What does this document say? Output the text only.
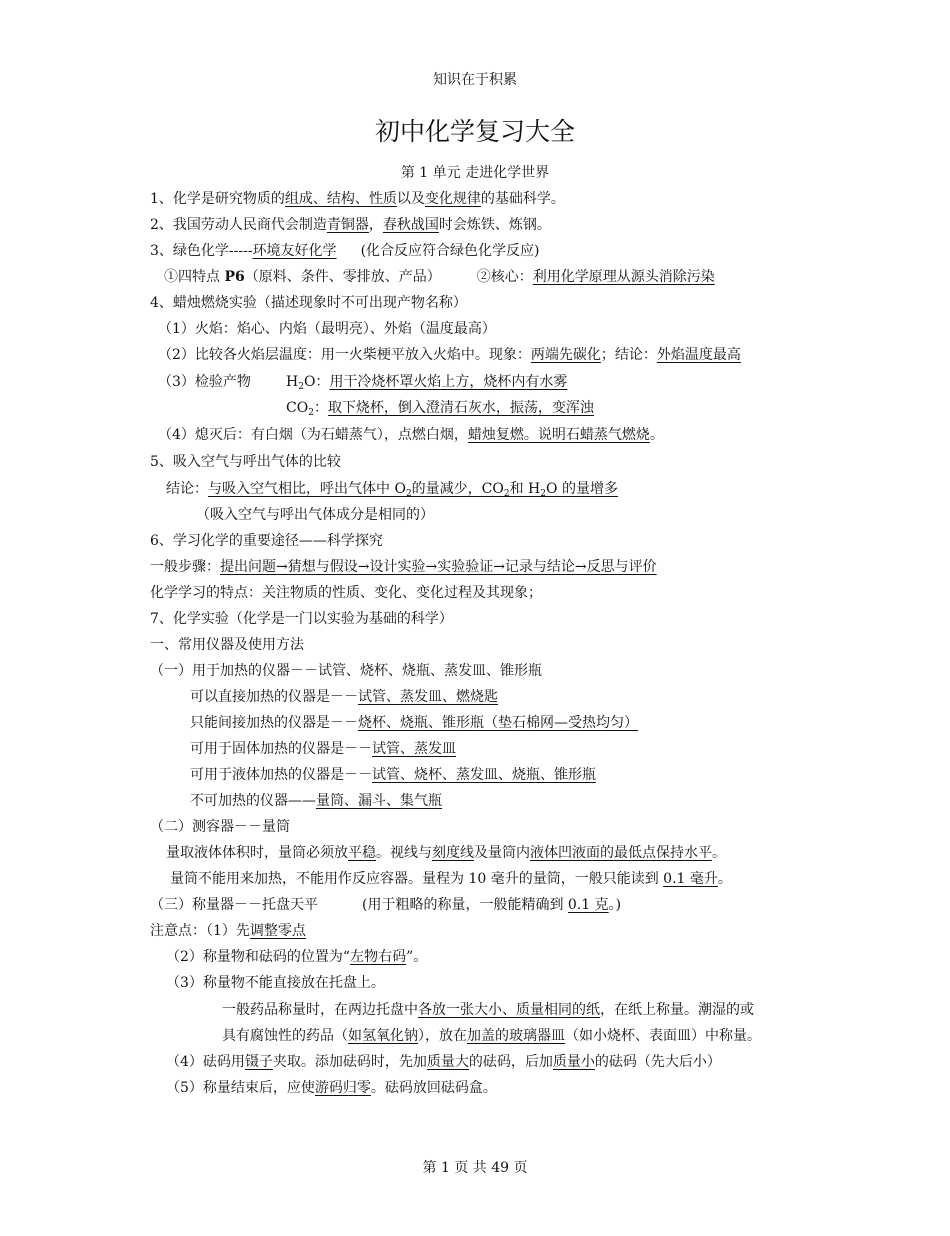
知识在于积累
初中化学复习大全
第 1 单元 走进化学世界
1、化学是研究物质的组成、结构、性质以及变化规律的基础科学。
2、我国劳动人民商代会制造青铜器，春秋战国时会炼铁、炼钢。
3、绿色化学-----环境友好化学 (化合反应符合绿色化学反应)
①四特点 P6（原料、条件、零排放、产品）	②核心：利用化学原理从源头消除污染
4、蜡烛燃烧实验（描述现象时不可出现产物名称）
（1）火焰：焰心、内焰（最明亮）、外焰（温度最高）
（2）比较各火焰层温度：用一火柴梗平放入火焰中。现象：两端先碳化；结论：外焰温度最高
（3）检验产物	$H_2O$：用干冷烧杯罩火焰上方，烧杯内有水雾
$CO_2$：取下烧杯，倒入澄清石灰水，振荡，变浑浊
（4）熄灭后：有白烟（为石蜡蒸气），点燃白烟，蜡烛复燃。说明石蜡蒸气燃烧。
5、吸入空气与呼出气体的比较
结论：与吸入空气相比，呼出气体中 $O_2$的量减少，$CO_2$和 $H_2O$ 的量增多
（吸入空气与呼出气体成分是相同的）
6、学习化学的重要途径——科学探究
一般步骤：提出问题→猜想与假设→设计实验→实验验证→记录与结论→反思与评价
化学学习的特点：关注物质的性质、变化、变化过程及其现象；
7、化学实验（化学是一门以实验为基础的科学）
一、常用仪器及使用方法
（一）用于加热的仪器－－试管、烧杯、烧瓶、蒸发皿、锥形瓶
可以直接加热的仪器是－－试管、蒸发皿、燃烧匙
只能间接加热的仪器是－－烧杯、烧瓶、锥形瓶（垫石棉网—受热均匀）
可用于固体加热的仪器是－－试管、蒸发皿
可用于液体加热的仪器是－－试管、烧杯、蒸发皿、烧瓶、锥形瓶
不可加热的仪器——量筒、漏斗、集气瓶
（二）测容器－－量筒
量取液体体积时，量筒必须放平稳。视线与刻度线及量筒内液体凹液面的最低点保持水平。
量筒不能用来加热，不能用作反应容器。量程为 10 毫升的量筒，一般只能读到 0.1 毫升。
（三）称量器－－托盘天平	(用于粗略的称量，一般能精确到 0.1 克。)
注意点：（1）先调整零点
（2）称量物和砝码的位置为“左物右码”。
（3）称量物不能直接放在托盘上。
一般药品称量时，在两边托盘中各放一张大小、质量相同的纸，在纸上称量。潮湿的或
具有腐蚀性的药品（如氢氧化钠），放在加盖的玻璃器皿（如小烧杯、表面皿）中称量。
（4）砝码用镊子夹取。添加砝码时，先加质量大的砝码，后加质量小的砝码（先大后小）
（5）称量结束后，应使游码归零。砝码放回砝码盒。
第 1 页 共 49 页
